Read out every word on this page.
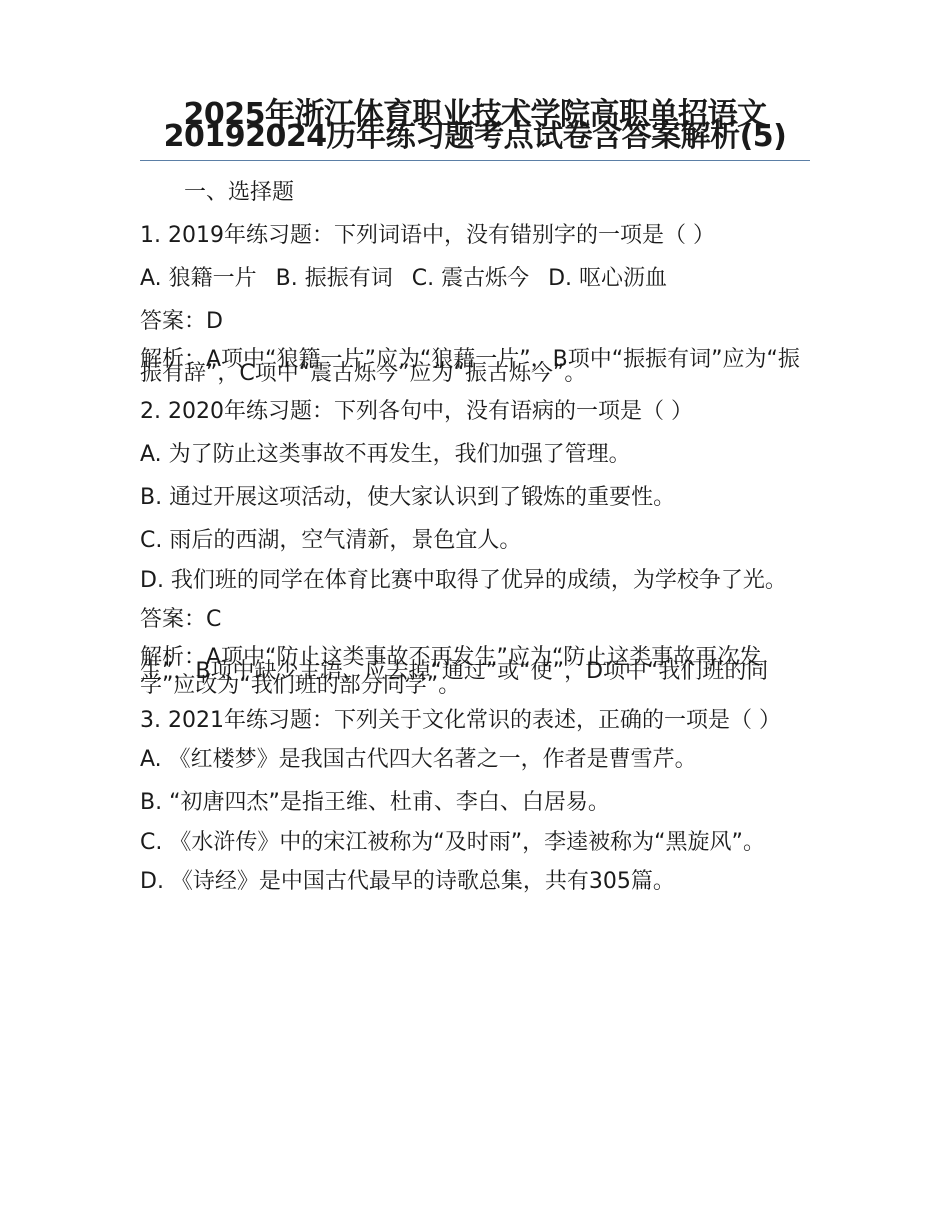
2025年浙江体育职业技术学院高职单招语文20192024历年练习题考点试卷含答案解析(5)
一、选择题
1. 2019年练习题：下列词语中，没有错别字的一项是（ ）
A. 狼籍一片 B. 振振有词 C. 震古烁今 D. 呕心沥血
答案：D
解析：A项中“狼籍一片”应为“狼藉一片”，B项中“振振有词”应为“振振有辞”，C项中“震古烁今”应为“振古烁今”。
2. 2020年练习题：下列各句中，没有语病的一项是（ ）
A. 为了防止这类事故不再发生，我们加强了管理。
B. 通过开展这项活动，使大家认识到了锻炼的重要性。
C. 雨后的西湖，空气清新，景色宜人。
D. 我们班的同学在体育比赛中取得了优异的成绩，为学校争了光。
答案：C
解析：A项中“防止这类事故不再发生”应为“防止这类事故再次发生”，B项中缺少主语，应去掉“通过”或“使”，D项中“我们班的同学”应改为“我们班的部分同学”。
3. 2021年练习题：下列关于文化常识的表述，正确的一项是（ ）
A. 《红楼梦》是我国古代四大名著之一，作者是曹雪芹。
B. “初唐四杰”是指王维、杜甫、李白、白居易。
C. 《水浒传》中的宋江被称为“及时雨”，李逵被称为“黑旋风”。
D. 《诗经》是中国古代最早的诗歌总集，共有305篇。
